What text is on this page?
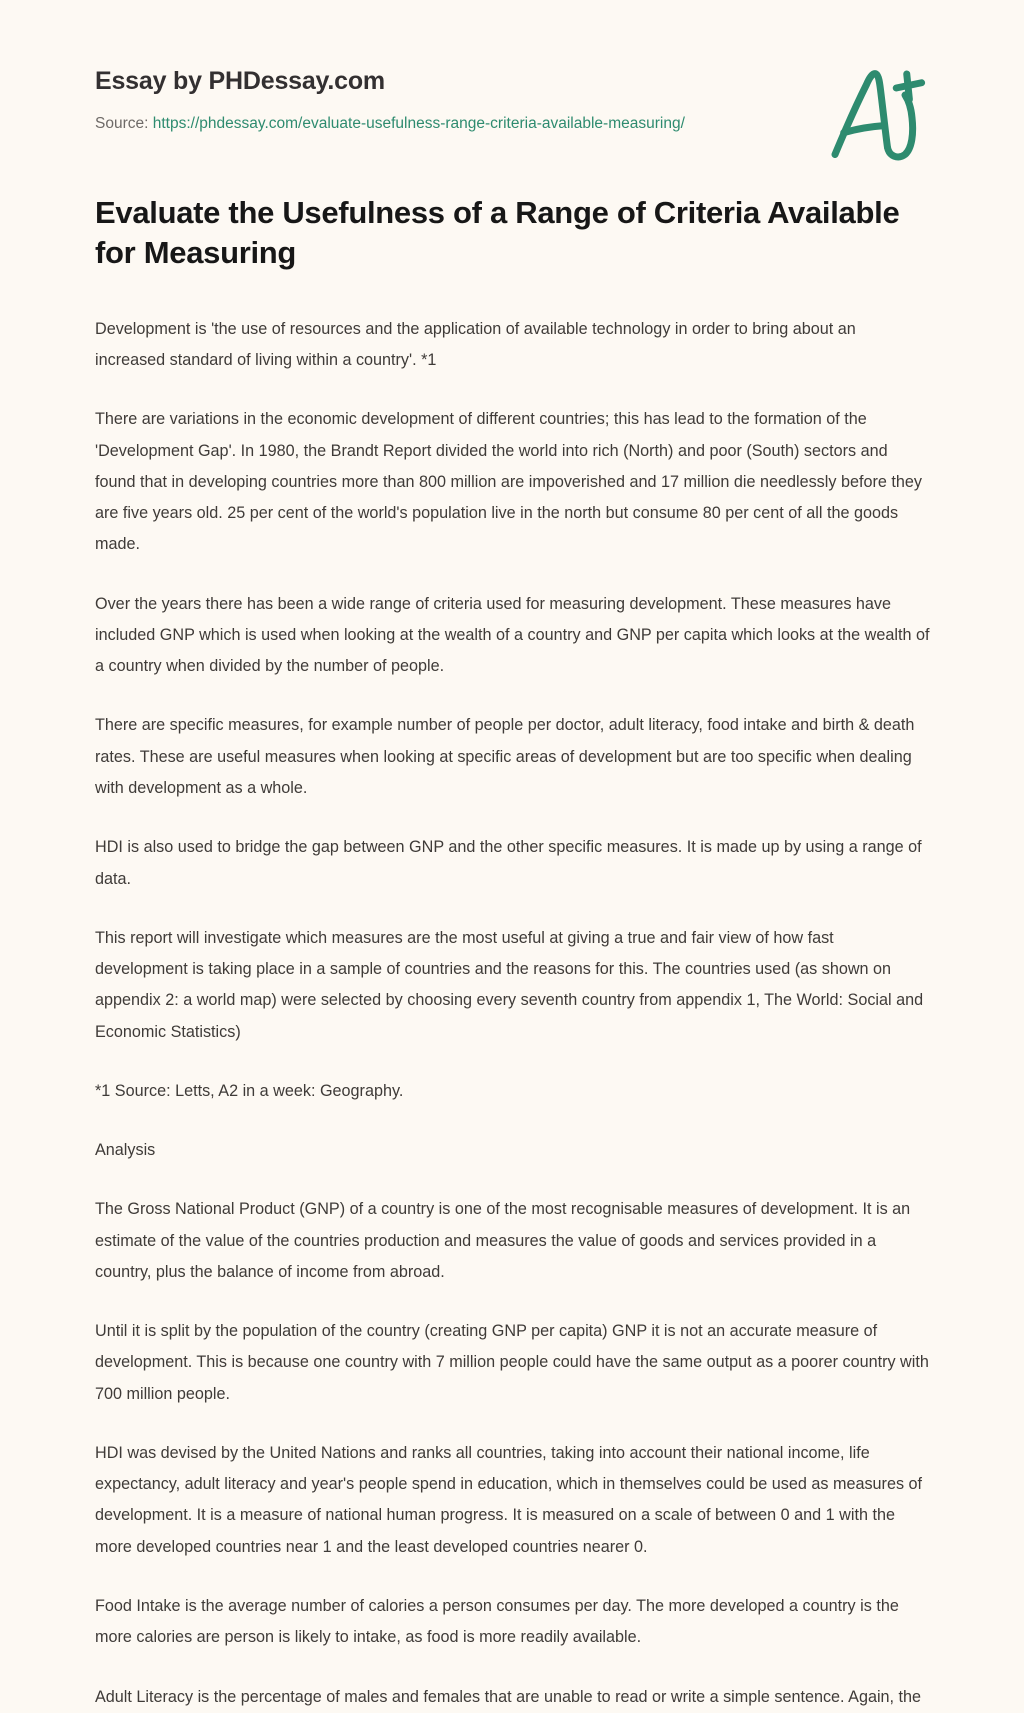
Essay by PHDessay.com
Source: https://phdessay.com/evaluate-usefulness-range-criteria-available-measuring/
Evaluate the Usefulness of a Range of Criteria Available for Measuring

Development is 'the use of resources and the application of available technology in order to bring about an increased standard of living within a country'. *1

There are variations in the economic development of different countries; this has lead to the formation of the 'Development Gap'. In 1980, the Brandt Report divided the world into rich (North) and poor (South) sectors and found that in developing countries more than 800 million are impoverished and 17 million die needlessly before they are five years old. 25 per cent of the world's population live in the north but consume 80 per cent of all the goods made.

Over the years there has been a wide range of criteria used for measuring development. These measures have included GNP which is used when looking at the wealth of a country and GNP per capita which looks at the wealth of a country when divided by the number of people.

There are specific measures, for example number of people per doctor, adult literacy, food intake and birth & death rates. These are useful measures when looking at specific areas of development but are too specific when dealing with development as a whole.

HDI is also used to bridge the gap between GNP and the other specific measures. It is made up by using a range of data.

This report will investigate which measures are the most useful at giving a true and fair view of how fast development is taking place in a sample of countries and the reasons for this. The countries used (as shown on appendix 2: a world map) were selected by choosing every seventh country from appendix 1, The World: Social and Economic Statistics)

*1 Source: Letts, A2 in a week: Geography.

Analysis

The Gross National Product (GNP) of a country is one of the most recognisable measures of development. It is an estimate of the value of the countries production and measures the value of goods and services provided in a country, plus the balance of income from abroad.

Until it is split by the population of the country (creating GNP per capita) GNP it is not an accurate measure of development. This is because one country with 7 million people could have the same output as a poorer country with 700 million people.

HDI was devised by the United Nations and ranks all countries, taking into account their national income, life expectancy, adult literacy and year's people spend in education, which in themselves could be used as measures of development. It is a measure of national human progress. It is measured on a scale of between 0 and 1 with the more developed countries near 1 and the least developed countries nearer 0.

Food Intake is the average number of calories a person consumes per day. The more developed a country is the more calories are person is likely to intake, as food is more readily available.

Adult Literacy is the percentage of males and females that are unable to read or write a simple sentence. Again, the
